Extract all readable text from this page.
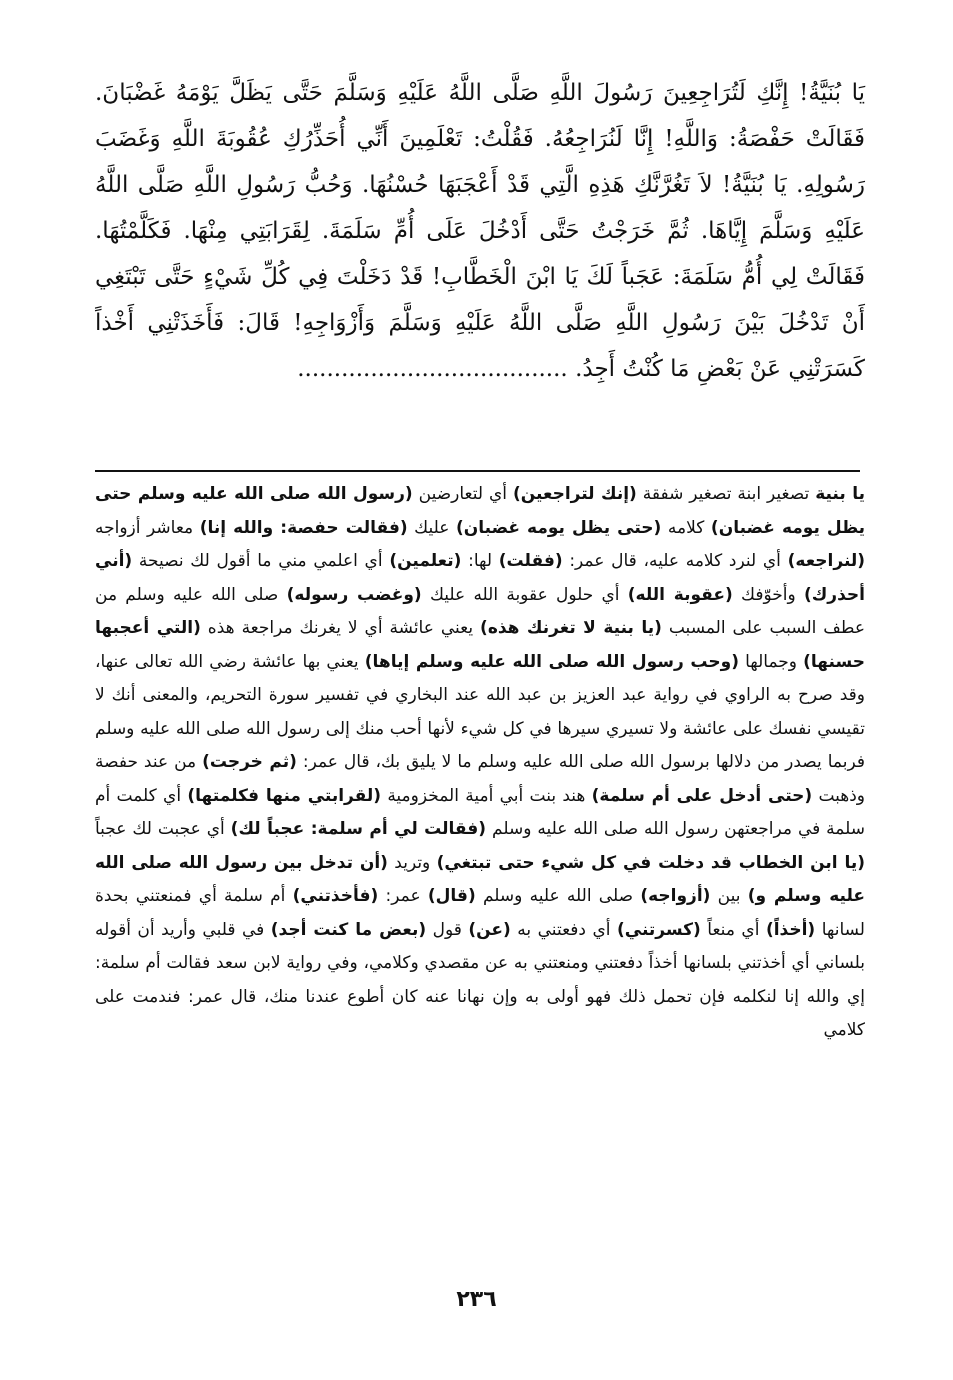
يَا بُنَيَّةُ! إِنَّكِ لَتُرَاجِعِينَ رَسُولَ اللَّهِ صَلَّى اللَّهُ عَلَيْهِ وَسَلَّمَ حَتَّى يَظَلَّ يَوْمَهُ غَضْبَانَ. فَقَالَتْ حَفْصَةُ: وَاللَّهِ! إِنَّا لَنُرَاجِعُهُ. فَقُلْتُ: تَعْلَمِينَ أَنِّي أُحَذِّرُكِ عُقُوبَةَ اللَّهِ وَغَضَبَ رَسُولِهِ. يَا بُنَيَّةُ! لاَ تَغُرَّنَّكِ هَذِهِ الَّتِي قَدْ أَعْجَبَهَا حُسْنُهَا. وَحُبُّ رَسُولِ اللَّهِ صَلَّى اللَّهُ عَلَيْهِ وَسَلَّمَ إِيَّاهَا. ثُمَّ خَرَجْتُ حَتَّى أَدْخُلَ عَلَى أُمِّ سَلَمَةَ. لِقَرَابَتِي مِنْهَا. فَكَلَّمْتُهَا. فَقَالَتْ لِي أُمُّ سَلَمَةَ: عَجَباً لَكَ يَا ابْنَ الْخَطَّابِ! قَدْ دَخَلْتَ فِي كُلِّ شَيْءٍ حَتَّى تَبْتَغِي أَنْ تَدْخُلَ بَيْنَ رَسُولِ اللَّهِ صَلَّى اللَّهُ عَلَيْهِ وَسَلَّمَ وَأَزْوَاجِهِ! قَالَ: فَأَخَذَتْنِي أَخْذاً كَسَرَتْنِي عَنْ بَعْضِ مَا كُنْتُ أَجِدُ. .....................................

يا بنية تصغير ابنة تصغير شفقة (إنك لتراجعين) أي لتعارضين (رسول الله صلى الله عليه وسلم حتى يظل يومه غضبان) كلامه (حتى يظل يومه غضبان) عليك (فقالت حفصة: والله إنا) معاشر أزواجه (لنراجعه) أي لنرد كلامه عليه، قال عمر: (فقلت) لها: (تعلمين) أي اعلمي مني ما أقول لك نصيحة (أني أحذرك) وأخوّفك (عقوبة الله) أي حلول عقوبة الله عليك (وغضب رسوله) صلى الله عليه وسلم من عطف السبب على المسبب (يا بنية لا تغرنك هذه) يعني عائشة أي لا يغرنك مراجعة هذه (التي أعجبها حسنها) وجمالها (وحب رسول الله صلى الله عليه وسلم إياها) يعني بها عائشة رضي الله تعالى عنها، وقد صرح به الراوي في رواية عبد العزيز بن عبد الله عند البخاري في تفسير سورة التحريم، والمعنى أنك لا تقيسي نفسك على عائشة ولا تسيري سيرها في كل شيء لأنها أحب منك إلى رسول الله صلى الله عليه وسلم فربما يصدر من دلالها برسول الله صلى الله عليه وسلم ما لا يليق بك، قال عمر: (ثم خرجت) من عند حفصة وذهبت (حتى أدخل على أم سلمة) هند بنت أبي أمية المخزومية (لقرابتي منها فكلمتها) أي كلمت أم سلمة في مراجعتهن رسول الله صلى الله عليه وسلم (فقالت لي أم سلمة: عجباً لك) أي عجبت لك عجباً (يا ابن الخطاب قد دخلت في كل شيء حتى تبتغي) وتريد (أن تدخل بين رسول الله صلى الله عليه وسلم و) بين (أزواجه) صلى الله عليه وسلم (قال) عمر: (فأخذتني) أم سلمة أي فمنعتني بحدة لسانها (أخذاً) أي منعاً (كسرتني) أي دفعتني به (عن) قول (بعض ما كنت أجد) في قلبي وأريد أن أقوله بلساني أي أخذتني بلسانها أخذاً دفعتني ومنعتني به عن مقصدي وكلامي، وفي رواية لابن سعد فقالت أم سلمة: إي والله إنا لنكلمه فإن تحمل ذلك فهو أولى به وإن نهانا عنه كان أطوع عندنا منك، قال عمر: فندمت على كلامي

٢٣٦
